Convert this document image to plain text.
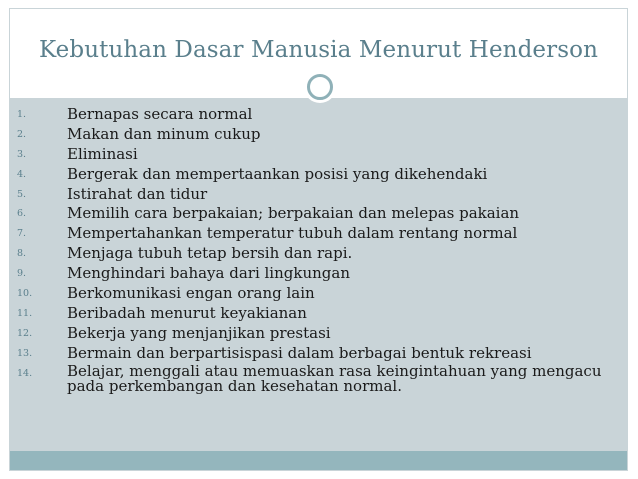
Kebutuhan Dasar Manusia Menurut Henderson
1.	Bernapas secara normal
2.	Makan dan minum cukup
3.	Eliminasi
4.	Bergerak dan mempertaankan posisi yang dikehendaki
5.	Istirahat dan tidur
6.	Memilih cara berpakaian; berpakaian dan melepas pakaian
7.	Mempertahankan temperatur tubuh dalam rentang normal
8.	Menjaga tubuh tetap bersih dan rapi.
9.	Menghindari bahaya dari lingkungan
10.	Berkomunikasi engan orang lain
11.	Beribadah menurut keyakianan
12.	Bekerja yang menjanjikan prestasi
13.	Bermain dan berpartisispasi dalam berbagai bentuk rekreasi
14.	Belajar, menggali atau memuaskan rasa keingintahuan yang mengacu pada perkembangan dan kesehatan normal.
